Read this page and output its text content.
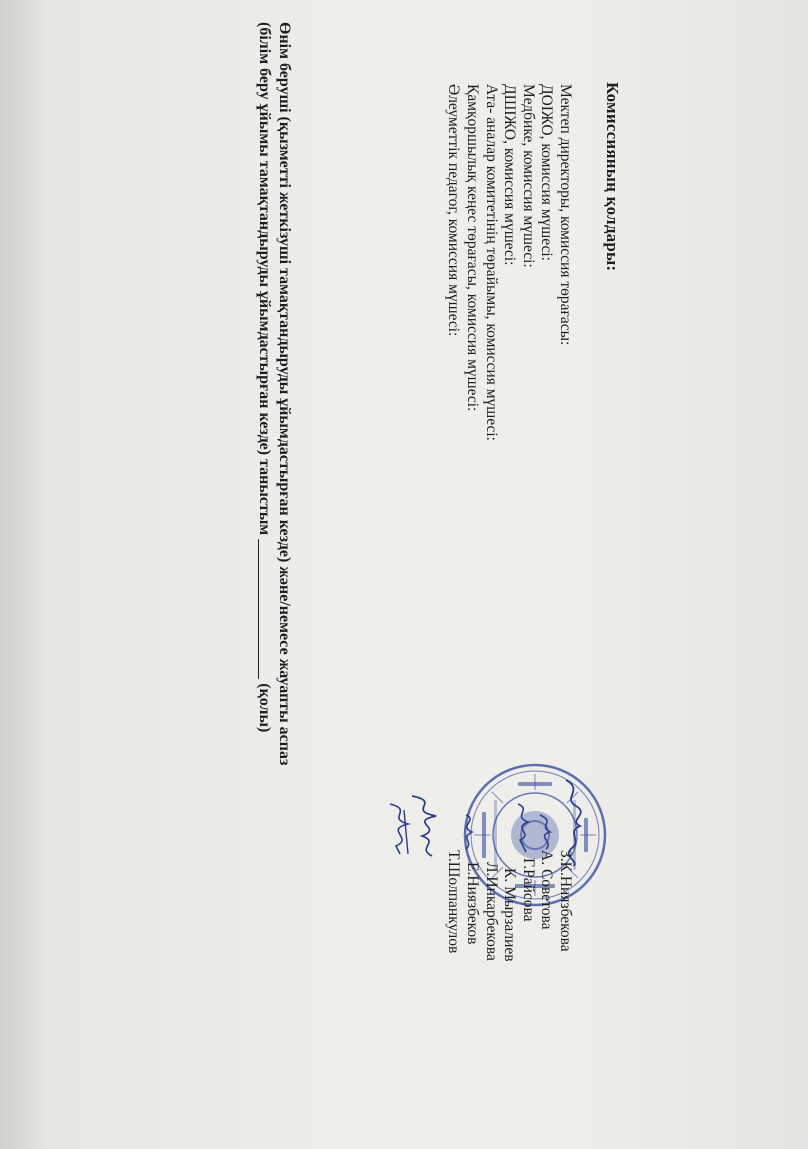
Комиссияның қолдары:
Мектеп директоры, комиссия төрағасы:
ДОІЖО, комиссия мүшесі:
Медбике, комиссия мүшесі:
ДШІЖО, комиссия мүшесі:
Ата- аналар комитетінің төрайымы, комиссия мүшесі:
Қамқоршылық кеңес төрағасы, комиссия мүшесі:
Әлеуметтік педагог, комиссия мүшесі:
З.К.Ниязбекова
А. Советова
Г.Райсова
К. Мырзалиев
Л.Инкарбекова
Е.Ниязбеков
Т.Шолпанкулов
Өнім беруші (қызметті жеткізуші тамақтандыруды ұйымдастырған кезде) және/немесе жауапты аспаз
(білім беру ұйымы тамақтандыруды ұйымдастырған кезде) таныстым(қолы)
